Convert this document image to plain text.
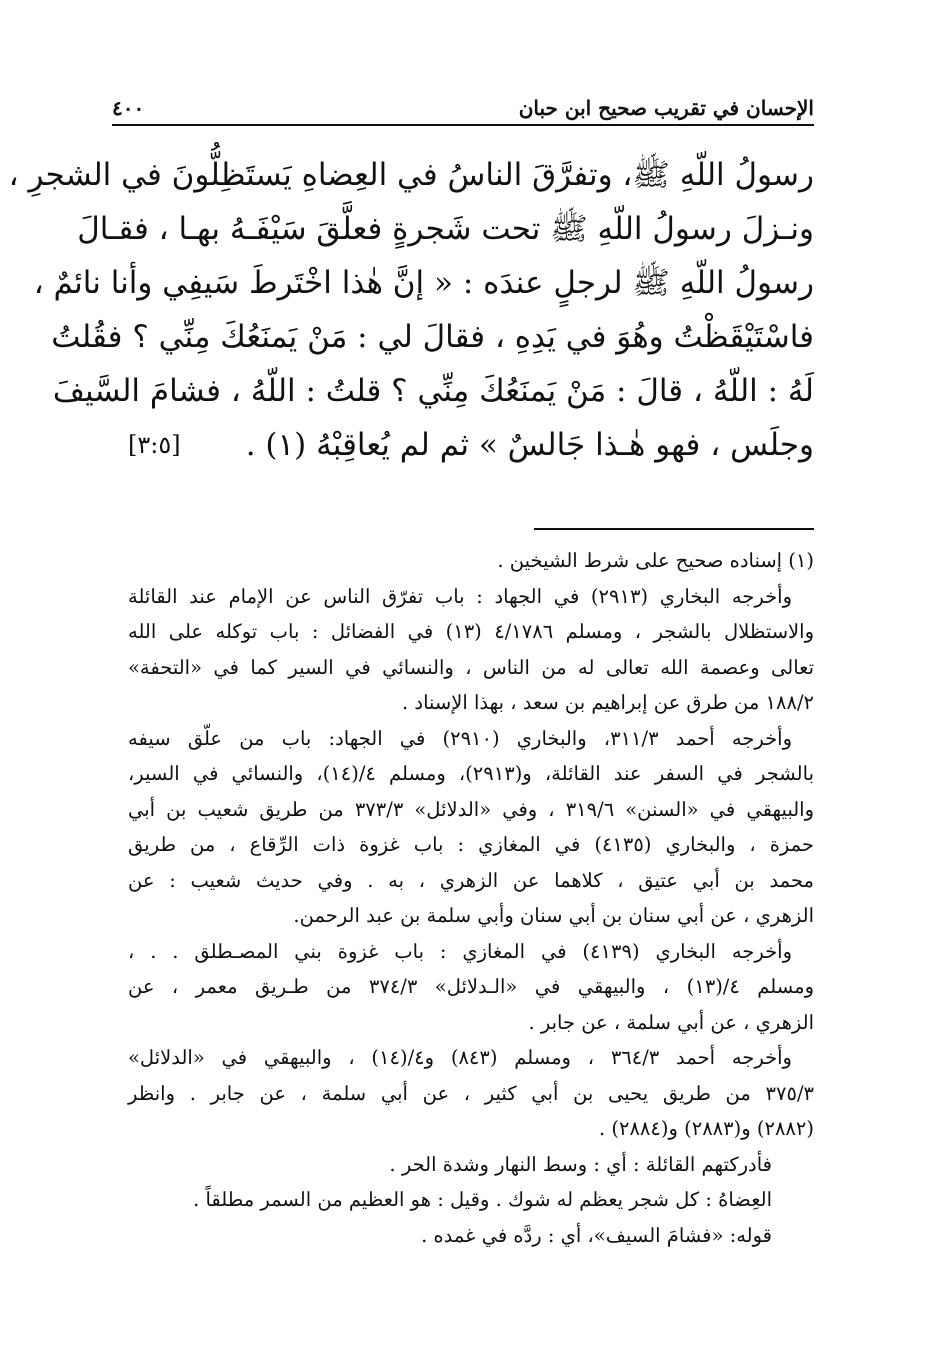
الإحسان في تقريب صحيح ابن حبان
٤٠٠
رسولُ اللّهِ ﷺ، وتفرَّقَ الناسُ في العِضاهِ يَستَظِلُّونَ في الشجرِ ،
ونـزلَ رسولُ اللّهِ ﷺ تحت شَجرةٍ فعلَّقَ سَيْفَـهُ بهـا ، فقـالَ
رسولُ اللّهِ ﷺ لرجلٍ عندَه : « إنَّ هٰذا اخْتَرطَ سَيفِي وأنا نائمٌ ،
فاسْتَيْقَظْتُ وهُوَ في يَدِهِ ، فقالَ لي : مَنْ يَمنَعُكَ مِنِّي ؟ فقُلتُ
لَهُ : اللّهُ ، قالَ : مَنْ يَمنَعُكَ مِنِّي ؟ قلتُ : اللّهُ ، فشامَ السَّيفَ
وجلَس ، فهو هٰـذا جَالسٌ » ثم لم يُعاقِبْهُ (١) .
[٣:٥]
(١) إسناده صحيح على شرط الشيخين .
وأخرجه البخاري (٢٩١٣) في الجهاد : باب تفرّق الناس عن الإمام عند القائلة
والاستظلال بالشجر ، ومسلم ٤/١٧٨٦ (١٣) في الفضائل : باب توكله على الله
تعالى وعصمة الله تعالى له من الناس ، والنسائي في السير كما في «التحفة»
١٨٨/٢ من طرق عن إبراهيم بن سعد ، بهذا الإسناد .
وأخرجه أحمد ٣١١/٣، والبخاري (٢٩١٠) في الجهاد: باب من علّق سيفه
بالشجر في السفر عند القائلة، و(٢٩١٣)، ومسلم ٤/(١٤)، والنسائي في السير،
والبيهقي في «السنن» ٣١٩/٦ ، وفي «الدلائل» ٣٧٣/٣ من طريق شعيب بن أبي
حمزة ، والبخاري (٤١٣٥) في المغازي : باب غزوة ذات الرِّقاع ، من طريق
محمد بن أبي عتيق ، كلاهما عن الزهري ، به . وفي حديث شعيب : عن
الزهري ، عن أبي سنان بن أبي سنان وأبي سلمة بن عبد الرحمن.
وأخرجه البخاري (٤١٣٩) في المغازي : باب غزوة بني المصـطلق . . ،
ومسلم ٤/(١٣) ، والبيهقي في «الـدلائل» ٣٧٤/٣ من طـريق معمر ، عن
الزهري ، عن أبي سلمة ، عن جابر .
وأخرجه أحمد ٣٦٤/٣ ، ومسلم (٨٤٣) و٤/(١٤) ، والبيهقي في «الدلائل»
٣٧٥/٣ من طريق يحيى بن أبي كثير ، عن أبي سلمة ، عن جابر . وانظر
(٢٨٨٢) و(٢٨٨٣) و(٢٨٨٤) .
فأدركتهم القائلة : أي : وسط النهار وشدة الحر .
العِضاهُ : كل شجر يعظم له شوك . وقيل : هو العظيم من السمر مطلقاً .
قوله: «فشامَ السيف»، أي : ردَّه في غمده .
